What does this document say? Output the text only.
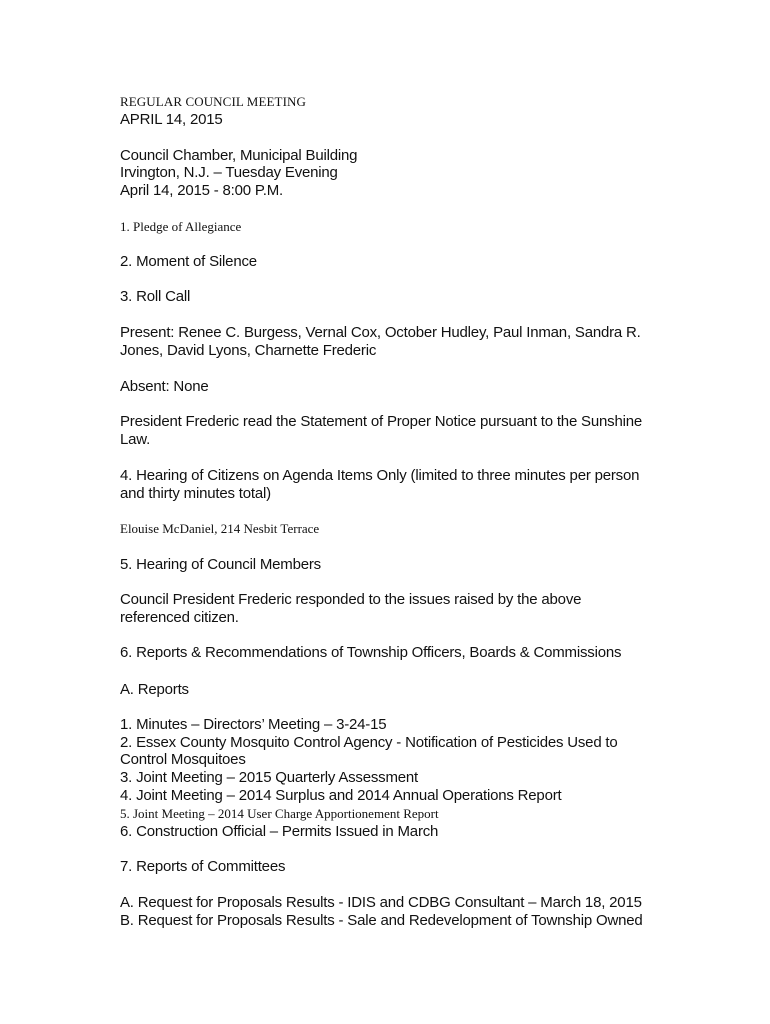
REGULAR COUNCIL MEETING

APRIL 14, 2015

Council Chamber, Municipal Building

Irvington, N.J. – Tuesday Evening

April 14, 2015 - 8:00 P.M.

1. Pledge of Allegiance

2. Moment of Silence

3. Roll Call

Present: Renee C. Burgess, Vernal Cox, October Hudley, Paul Inman, Sandra R.

Jones, David Lyons, Charnette Frederic

Absent: None

President Frederic read the Statement of Proper Notice pursuant to the Sunshine

Law.

4. Hearing of Citizens on Agenda Items Only (limited to three minutes per person

and thirty minutes total)

Elouise McDaniel, 214 Nesbit Terrace

5. Hearing of Council Members

Council President Frederic responded to the issues raised by the above

referenced citizen.

6. Reports & Recommendations of Township Officers, Boards & Commissions

A. Reports

1. Minutes – Directors’ Meeting – 3-24-15

2. Essex County Mosquito Control Agency - Notification of Pesticides Used to

Control Mosquitoes

3. Joint Meeting – 2015 Quarterly Assessment

4. Joint Meeting – 2014 Surplus and 2014 Annual Operations Report

5. Joint Meeting – 2014 User Charge Apportionement Report

6. Construction Official – Permits Issued in March

7. Reports of Committees

A. Request for Proposals Results - IDIS and CDBG Consultant – March 18, 2015

B. Request for Proposals Results - Sale and Redevelopment of Township Owned
